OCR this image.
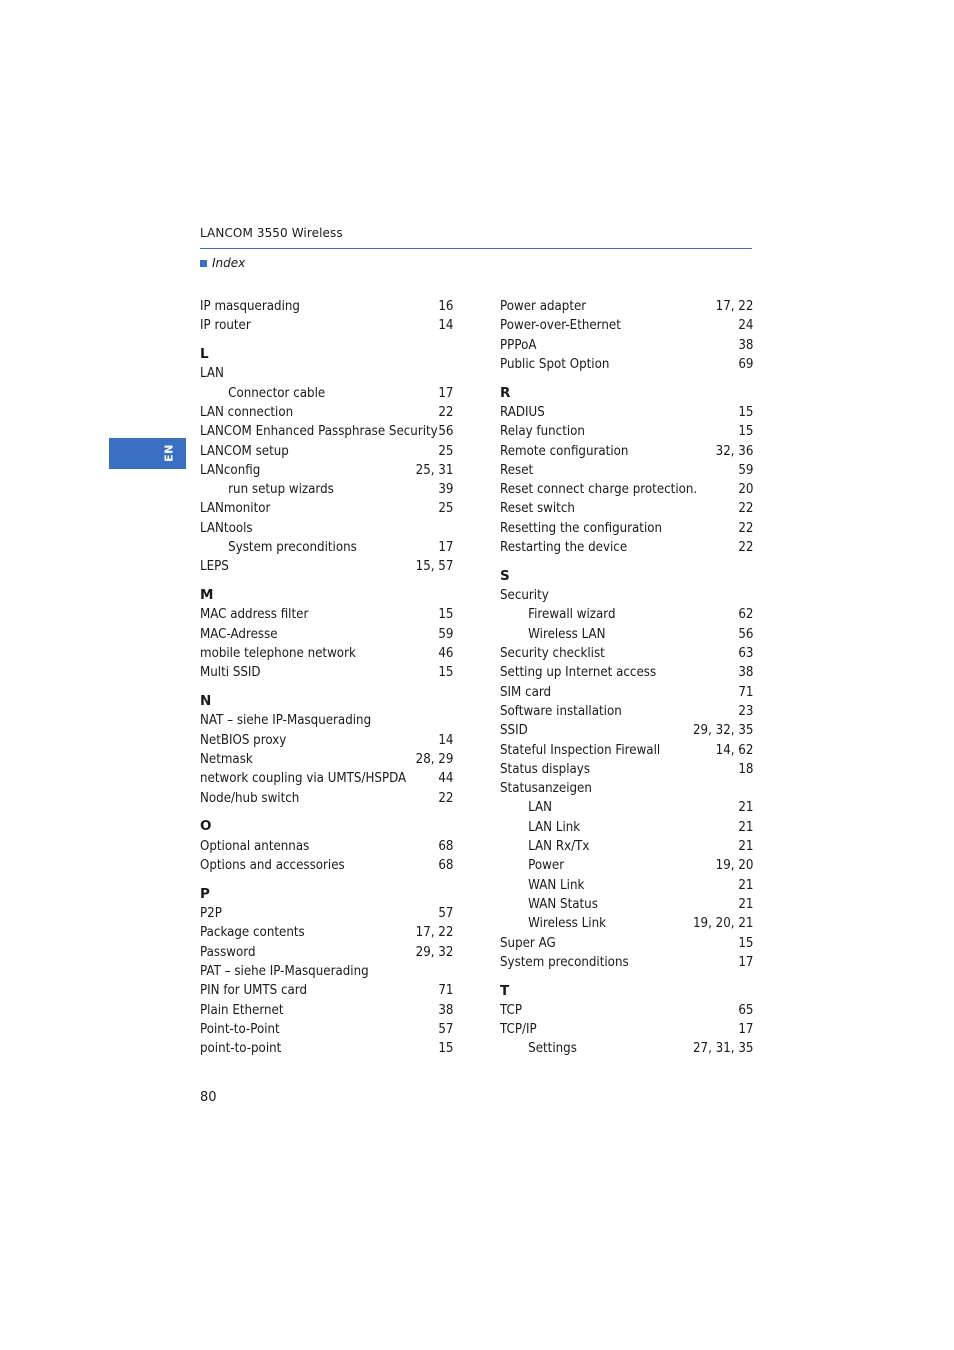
LANCOM 3550 Wireless
Index
EN
IP masquerading	16
IP router	14
L
LAN
Connector cable	17
LAN connection	22
LANCOM Enhanced Passphrase Security 56
LANCOM setup	25
LANconfig	25, 31
run setup wizards	39
LANmonitor	25
LANtools
System preconditions	17
LEPS	15, 57
M
MAC address filter	15
MAC-Adresse	59
mobile telephone network	46
Multi SSID	15
N
NAT – siehe IP-Masquerading
NetBIOS proxy	14
Netmask	28, 29
network coupling via UMTS/HSPDA 44
Node/hub switch	22
O
Optional antennas	68
Options and accessories	68
P
P2P	57
Package contents	17, 22
Password	29, 32
PAT – siehe IP-Masquerading
PIN for UMTS card	71
Plain Ethernet	38
Point-to-Point	57
point-to-point	15
Power adapter	17, 22
Power-over-Ethernet	24
PPPoA	38
Public Spot Option	69
R
RADIUS	15
Relay function	15
Remote configuration	32, 36
Reset	59
Reset connect charge protection.	20
Reset switch	22
Resetting the configuration	22
Restarting the device	22
S
Security
Firewall wizard	62
Wireless LAN	56
Security checklist	63
Setting up Internet access	38
SIM card	71
Software installation	23
SSID	29, 32, 35
Stateful Inspection Firewall	14, 62
Status displays	18
Statusanzeigen
LAN	21
LAN Link	21
LAN Rx/Tx	21
Power	19, 20
WAN Link	21
WAN Status	21
Wireless Link	19, 20, 21
Super AG	15
System preconditions	17
T
TCP	65
TCP/IP	17
Settings	27, 31, 35
80
